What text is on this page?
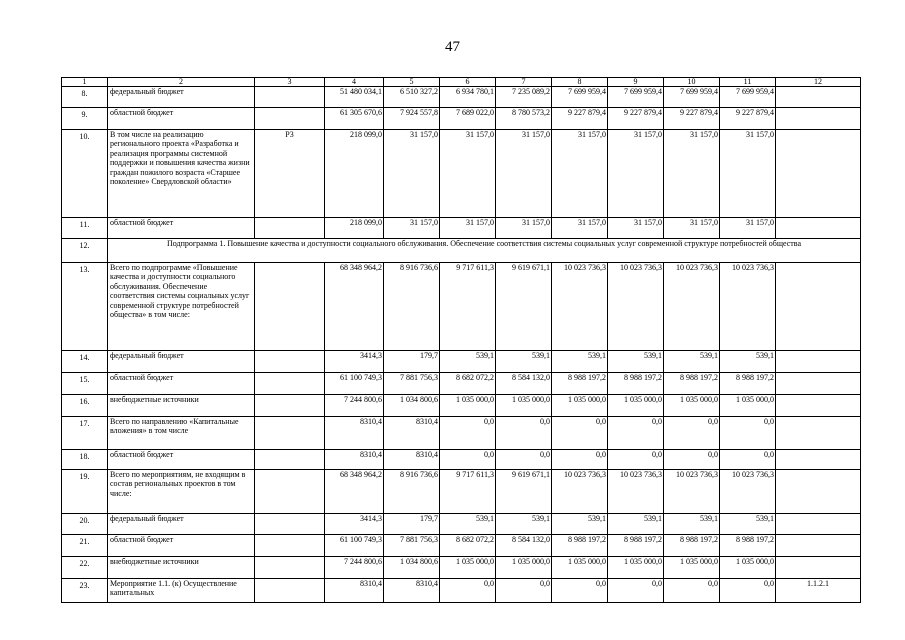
47
1	2	3	4	5	6	7	8	9	10	11	12
8.	федеральный бюджет		51 480 034,1	6 510 327,2	6 934 780,1	7 235 089,2	7 699 959,4	7 699 959,4	7 699 959,4	7 699 959,4	
9.	областной бюджет		61 305 670,6	7 924 557,8	7 689 022,0	8 780 573,2	9 227 879,4	9 227 879,4	9 227 879,4	9 227 879,4	
10.	В том числе на реализацию регионального проекта «Разработка и реализация программы системной поддержки и повышения качества жизни граждан пожилого возраста «Старшее поколение» Свердловской области»	Р3	218 099,0	31 157,0	31 157,0	31 157,0	31 157,0	31 157,0	31 157,0	31 157,0	
11.	областной бюджет		218 099,0	31 157,0	31 157,0	31 157,0	31 157,0	31 157,0	31 157,0	31 157,0	
12.	Подпрограмма 1. Повышение качества и доступности социального обслуживания. Обеспечение соответствия системы социальных услуг современной структуре потребностей общества										
13.	Всего по подпрограмме «Повышение качества и доступности социального обслуживания. Обеспечение соответствия системы социальных услуг современной структуре потребностей общества» в том числе:		68 348 964,2	8 916 736,6	9 717 611,3	9 619 671,1	10 023 736,3	10 023 736,3	10 023 736,3	10 023 736,3	
14.	федеральный бюджет		3414,3	179,7	539,1	539,1	539,1	539,1	539,1	539,1	
15.	областной бюджет		61 100 749,3	7 881 756,3	8 682 072,2	8 584 132,0	8 988 197,2	8 988 197,2	8 988 197,2	8 988 197,2	
16.	внебюджетные источники		7 244 800,6	1 034 800,6	1 035 000,0	1 035 000,0	1 035 000,0	1 035 000,0	1 035 000,0	1 035 000,0	
17.	Всего по направлению «Капитальные вложения» в том числе		8310,4	8310,4	0,0	0,0	0,0	0,0	0,0	0,0	
18.	областной бюджет		8310,4	8310,4	0,0	0,0	0,0	0,0	0,0	0,0	
19.	Всего по мероприятиям, не входящим в состав региональных проектов в том числе:		68 348 964,2	8 916 736,6	9 717 611,3	9 619 671,1	10 023 736,3	10 023 736,3	10 023 736,3	10 023 736,3	
20.	федеральный бюджет		3414,3	179,7	539,1	539,1	539,1	539,1	539,1	539,1	
21.	областной бюджет		61 100 749,3	7 881 756,3	8 682 072,2	8 584 132,0	8 988 197,2	8 988 197,2	8 988 197,2	8 988 197,2	
22.	внебюджетные источники		7 244 800,6	1 034 800,6	1 035 000,0	1 035 000,0	1 035 000,0	1 035 000,0	1 035 000,0	1 035 000,0	
23.	Мероприятие 1.1. (к) Осуществление капитальных		8310,4	8310,4	0,0	0,0	0,0	0,0	0,0	0,0	1.1.2.1
